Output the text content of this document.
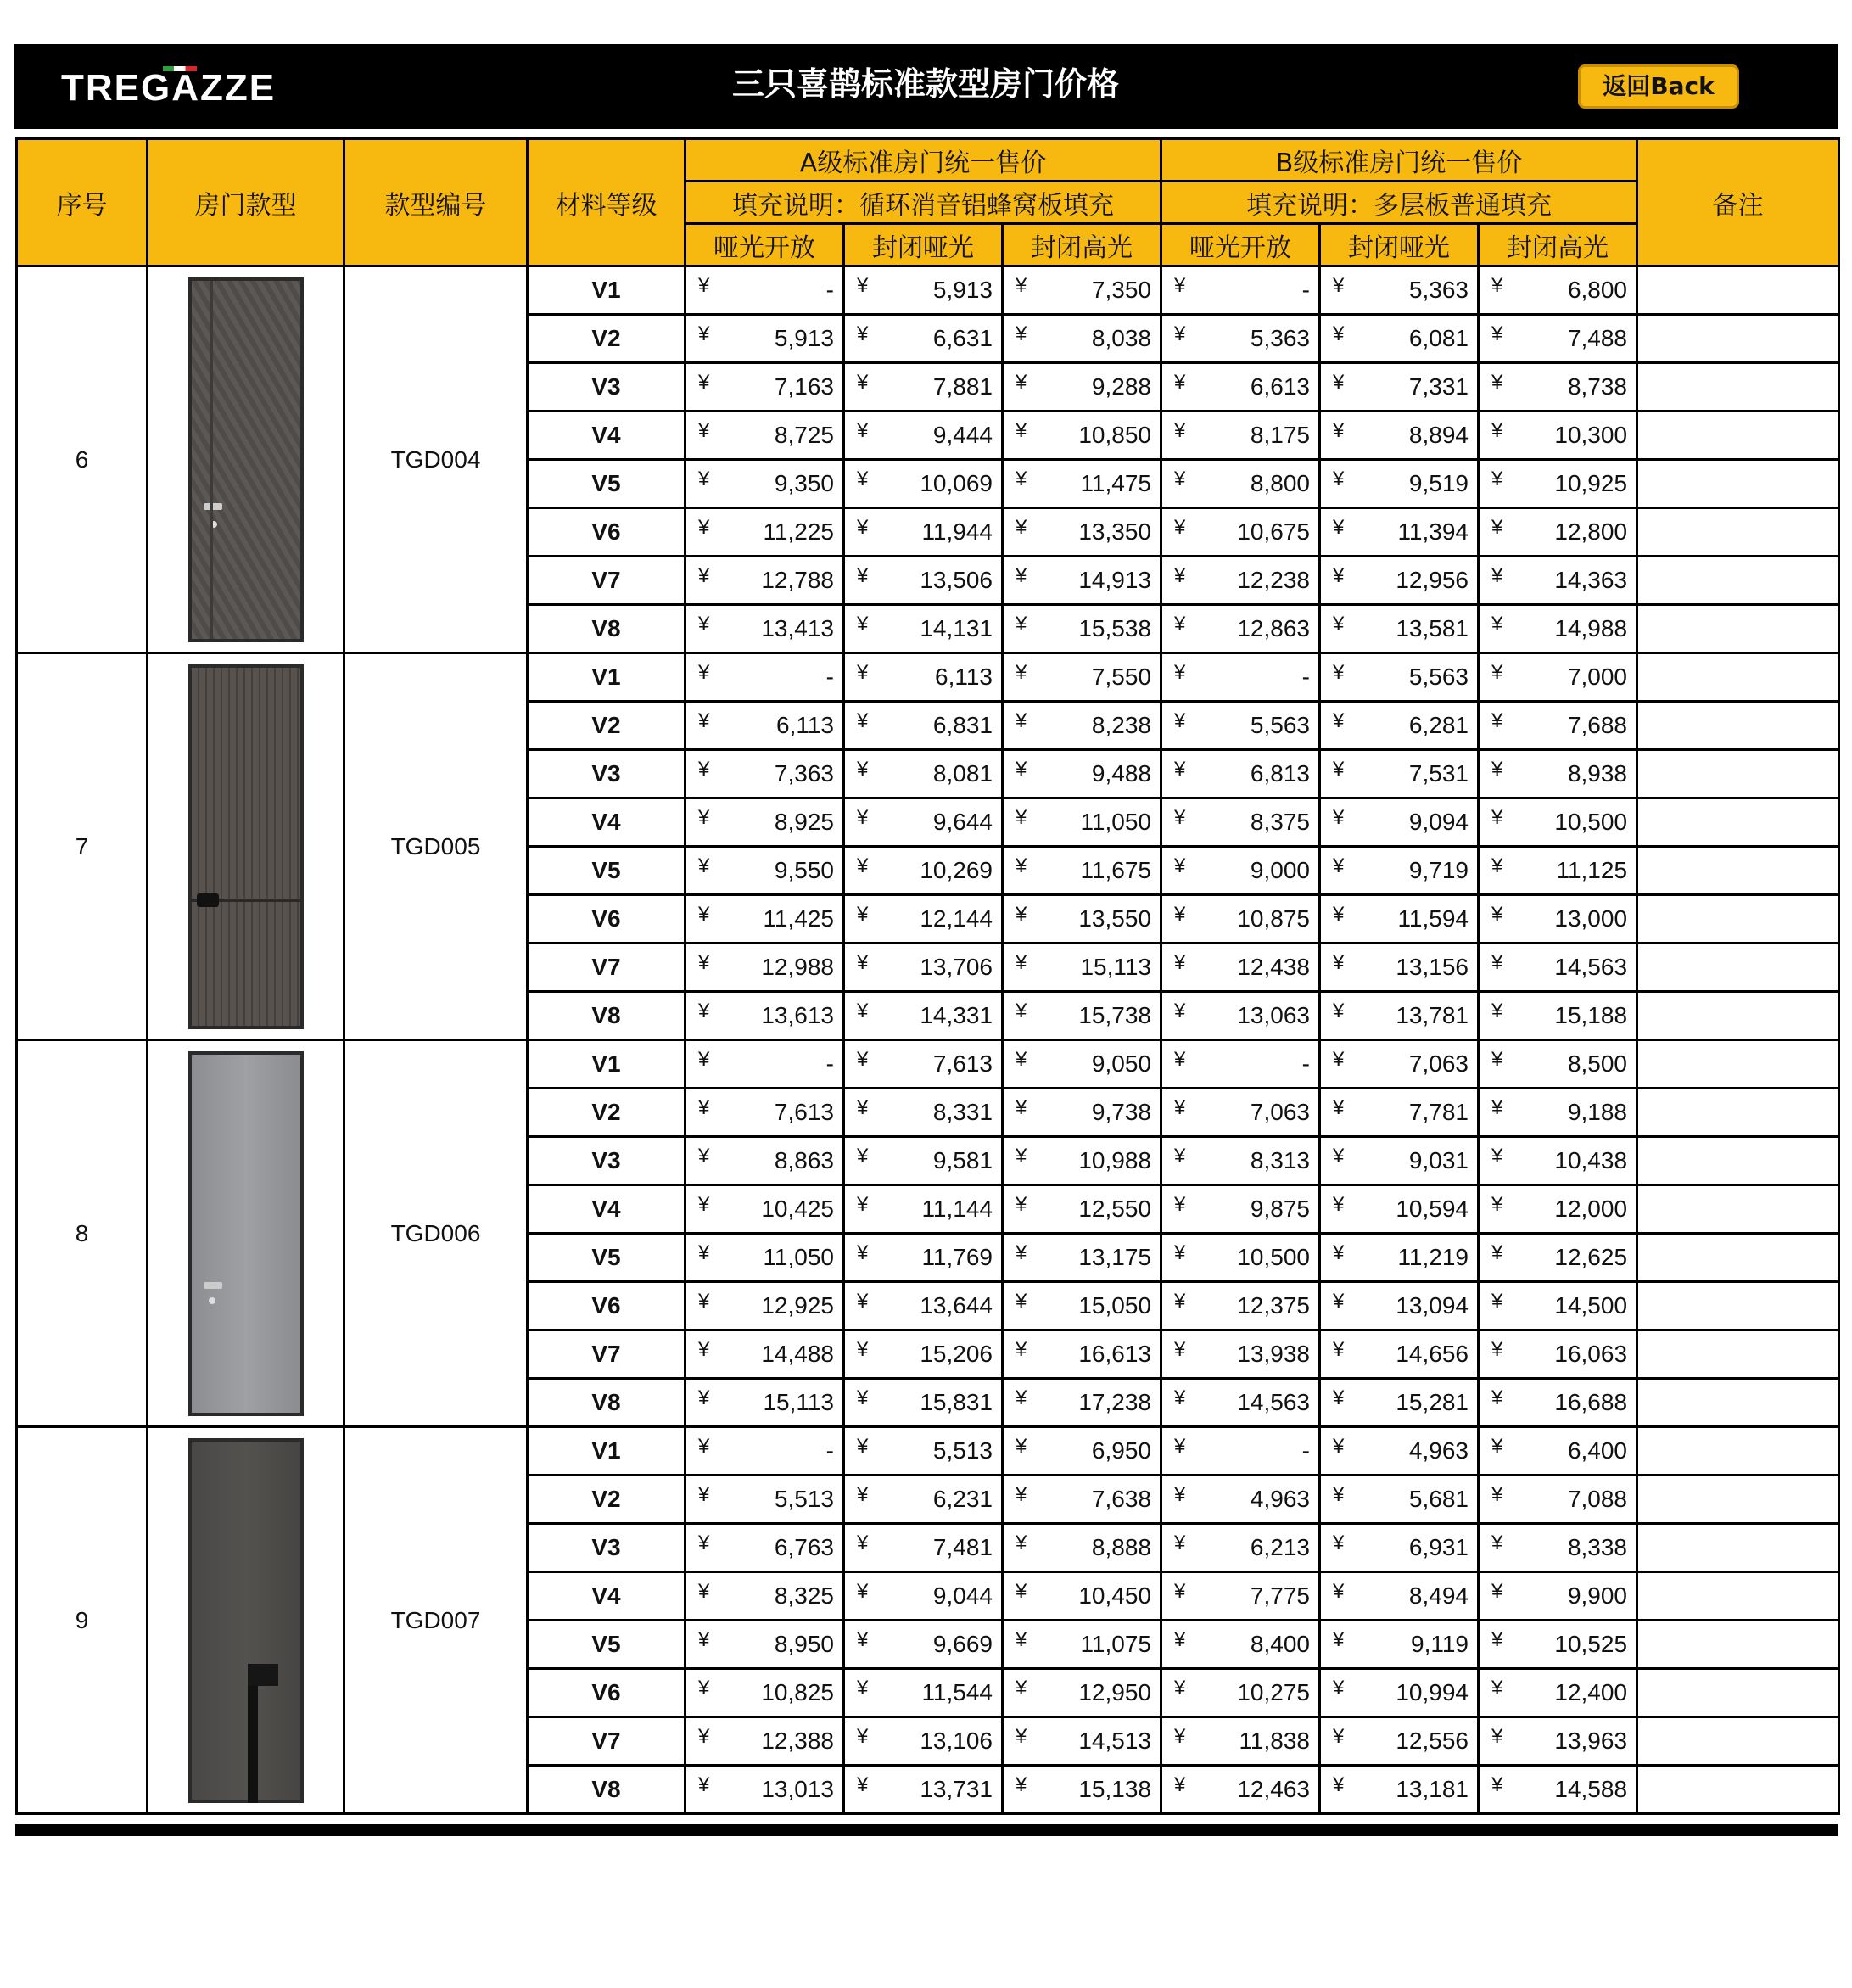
TREGAZZE	三只喜鹊标准款型房门价格	返回Back
序号	房门款型	款型编号	材料等级	A级标准房门统一售价			B级标准房门统一售价			备注
				填充说明：循环消音铝蜂窝板填充			填充说明：多层板普通填充			
				哑光开放	封闭哑光	封闭高光	哑光开放	封闭哑光	封闭高光	
6		TGD004	V1	¥ -	¥ 5,913	¥ 7,350	¥ -	¥ 5,363	¥ 6,800	

			V2	¥ 5,913	¥ 6,631	¥ 8,038	¥ 5,363	¥ 6,081	¥ 7,488	

			V3	¥ 7,163	¥ 7,881	¥ 9,288	¥ 6,613	¥ 7,331	¥ 8,738	

			V4	¥ 8,725	¥ 9,444	¥ 10,850	¥ 8,175	¥ 8,894	¥ 10,300	

			V5	¥ 9,350	¥ 10,069	¥ 11,475	¥ 8,800	¥ 9,519	¥ 10,925	

			V6	¥ 11,225	¥ 11,944	¥ 13,350	¥ 10,675	¥ 11,394	¥ 12,800	

			V7	¥ 12,788	¥ 13,506	¥ 14,913	¥ 12,238	¥ 12,956	¥ 14,363	

			V8	¥ 13,413	¥ 14,131	¥ 15,538	¥ 12,863	¥ 13,581	¥ 14,988	

7		TGD005	V1	¥ -	¥ 6,113	¥ 7,550	¥ -	¥ 5,563	¥ 7,000	

			V2	¥ 6,113	¥ 6,831	¥ 8,238	¥ 5,563	¥ 6,281	¥ 7,688	

			V3	¥ 7,363	¥ 8,081	¥ 9,488	¥ 6,813	¥ 7,531	¥ 8,938	

			V4	¥ 8,925	¥ 9,644	¥ 11,050	¥ 8,375	¥ 9,094	¥ 10,500	

			V5	¥ 9,550	¥ 10,269	¥ 11,675	¥ 9,000	¥ 9,719	¥ 11,125	

			V6	¥ 11,425	¥ 12,144	¥ 13,550	¥ 10,875	¥ 11,594	¥ 13,000	

			V7	¥ 12,988	¥ 13,706	¥ 15,113	¥ 12,438	¥ 13,156	¥ 14,563	

			V8	¥ 13,613	¥ 14,331	¥ 15,738	¥ 13,063	¥ 13,781	¥ 15,188	

8		TGD006	V1	¥ -	¥ 7,613	¥ 9,050	¥ -	¥ 7,063	¥ 8,500	

			V2	¥ 7,613	¥ 8,331	¥ 9,738	¥ 7,063	¥ 7,781	¥ 9,188	

			V3	¥ 8,863	¥ 9,581	¥ 10,988	¥ 8,313	¥ 9,031	¥ 10,438	

			V4	¥ 10,425	¥ 11,144	¥ 12,550	¥ 9,875	¥ 10,594	¥ 12,000	

			V5	¥ 11,050	¥ 11,769	¥ 13,175	¥ 10,500	¥ 11,219	¥ 12,625	

			V6	¥ 12,925	¥ 13,644	¥ 15,050	¥ 12,375	¥ 13,094	¥ 14,500	

			V7	¥ 14,488	¥ 15,206	¥ 16,613	¥ 13,938	¥ 14,656	¥ 16,063	

			V8	¥ 15,113	¥ 15,831	¥ 17,238	¥ 14,563	¥ 15,281	¥ 16,688	

9		TGD007	V1	¥ -	¥ 5,513	¥ 6,950	¥ -	¥ 4,963	¥ 6,400	

			V2	¥ 5,513	¥ 6,231	¥ 7,638	¥ 4,963	¥ 5,681	¥ 7,088	

			V3	¥ 6,763	¥ 7,481	¥ 8,888	¥ 6,213	¥ 6,931	¥ 8,338	

			V4	¥ 8,325	¥ 9,044	¥ 10,450	¥ 7,775	¥ 8,494	¥ 9,900	

			V5	¥ 8,950	¥ 9,669	¥ 11,075	¥ 8,400	¥ 9,119	¥ 10,525	

			V6	¥ 10,825	¥ 11,544	¥ 12,950	¥ 10,275	¥ 10,994	¥ 12,400	

			V7	¥ 12,388	¥ 13,106	¥ 14,513	¥ 11,838	¥ 12,556	¥ 13,963	

			V8	¥ 13,013	¥ 13,731	¥ 15,138	¥ 12,463	¥ 13,181	¥ 14,588	
